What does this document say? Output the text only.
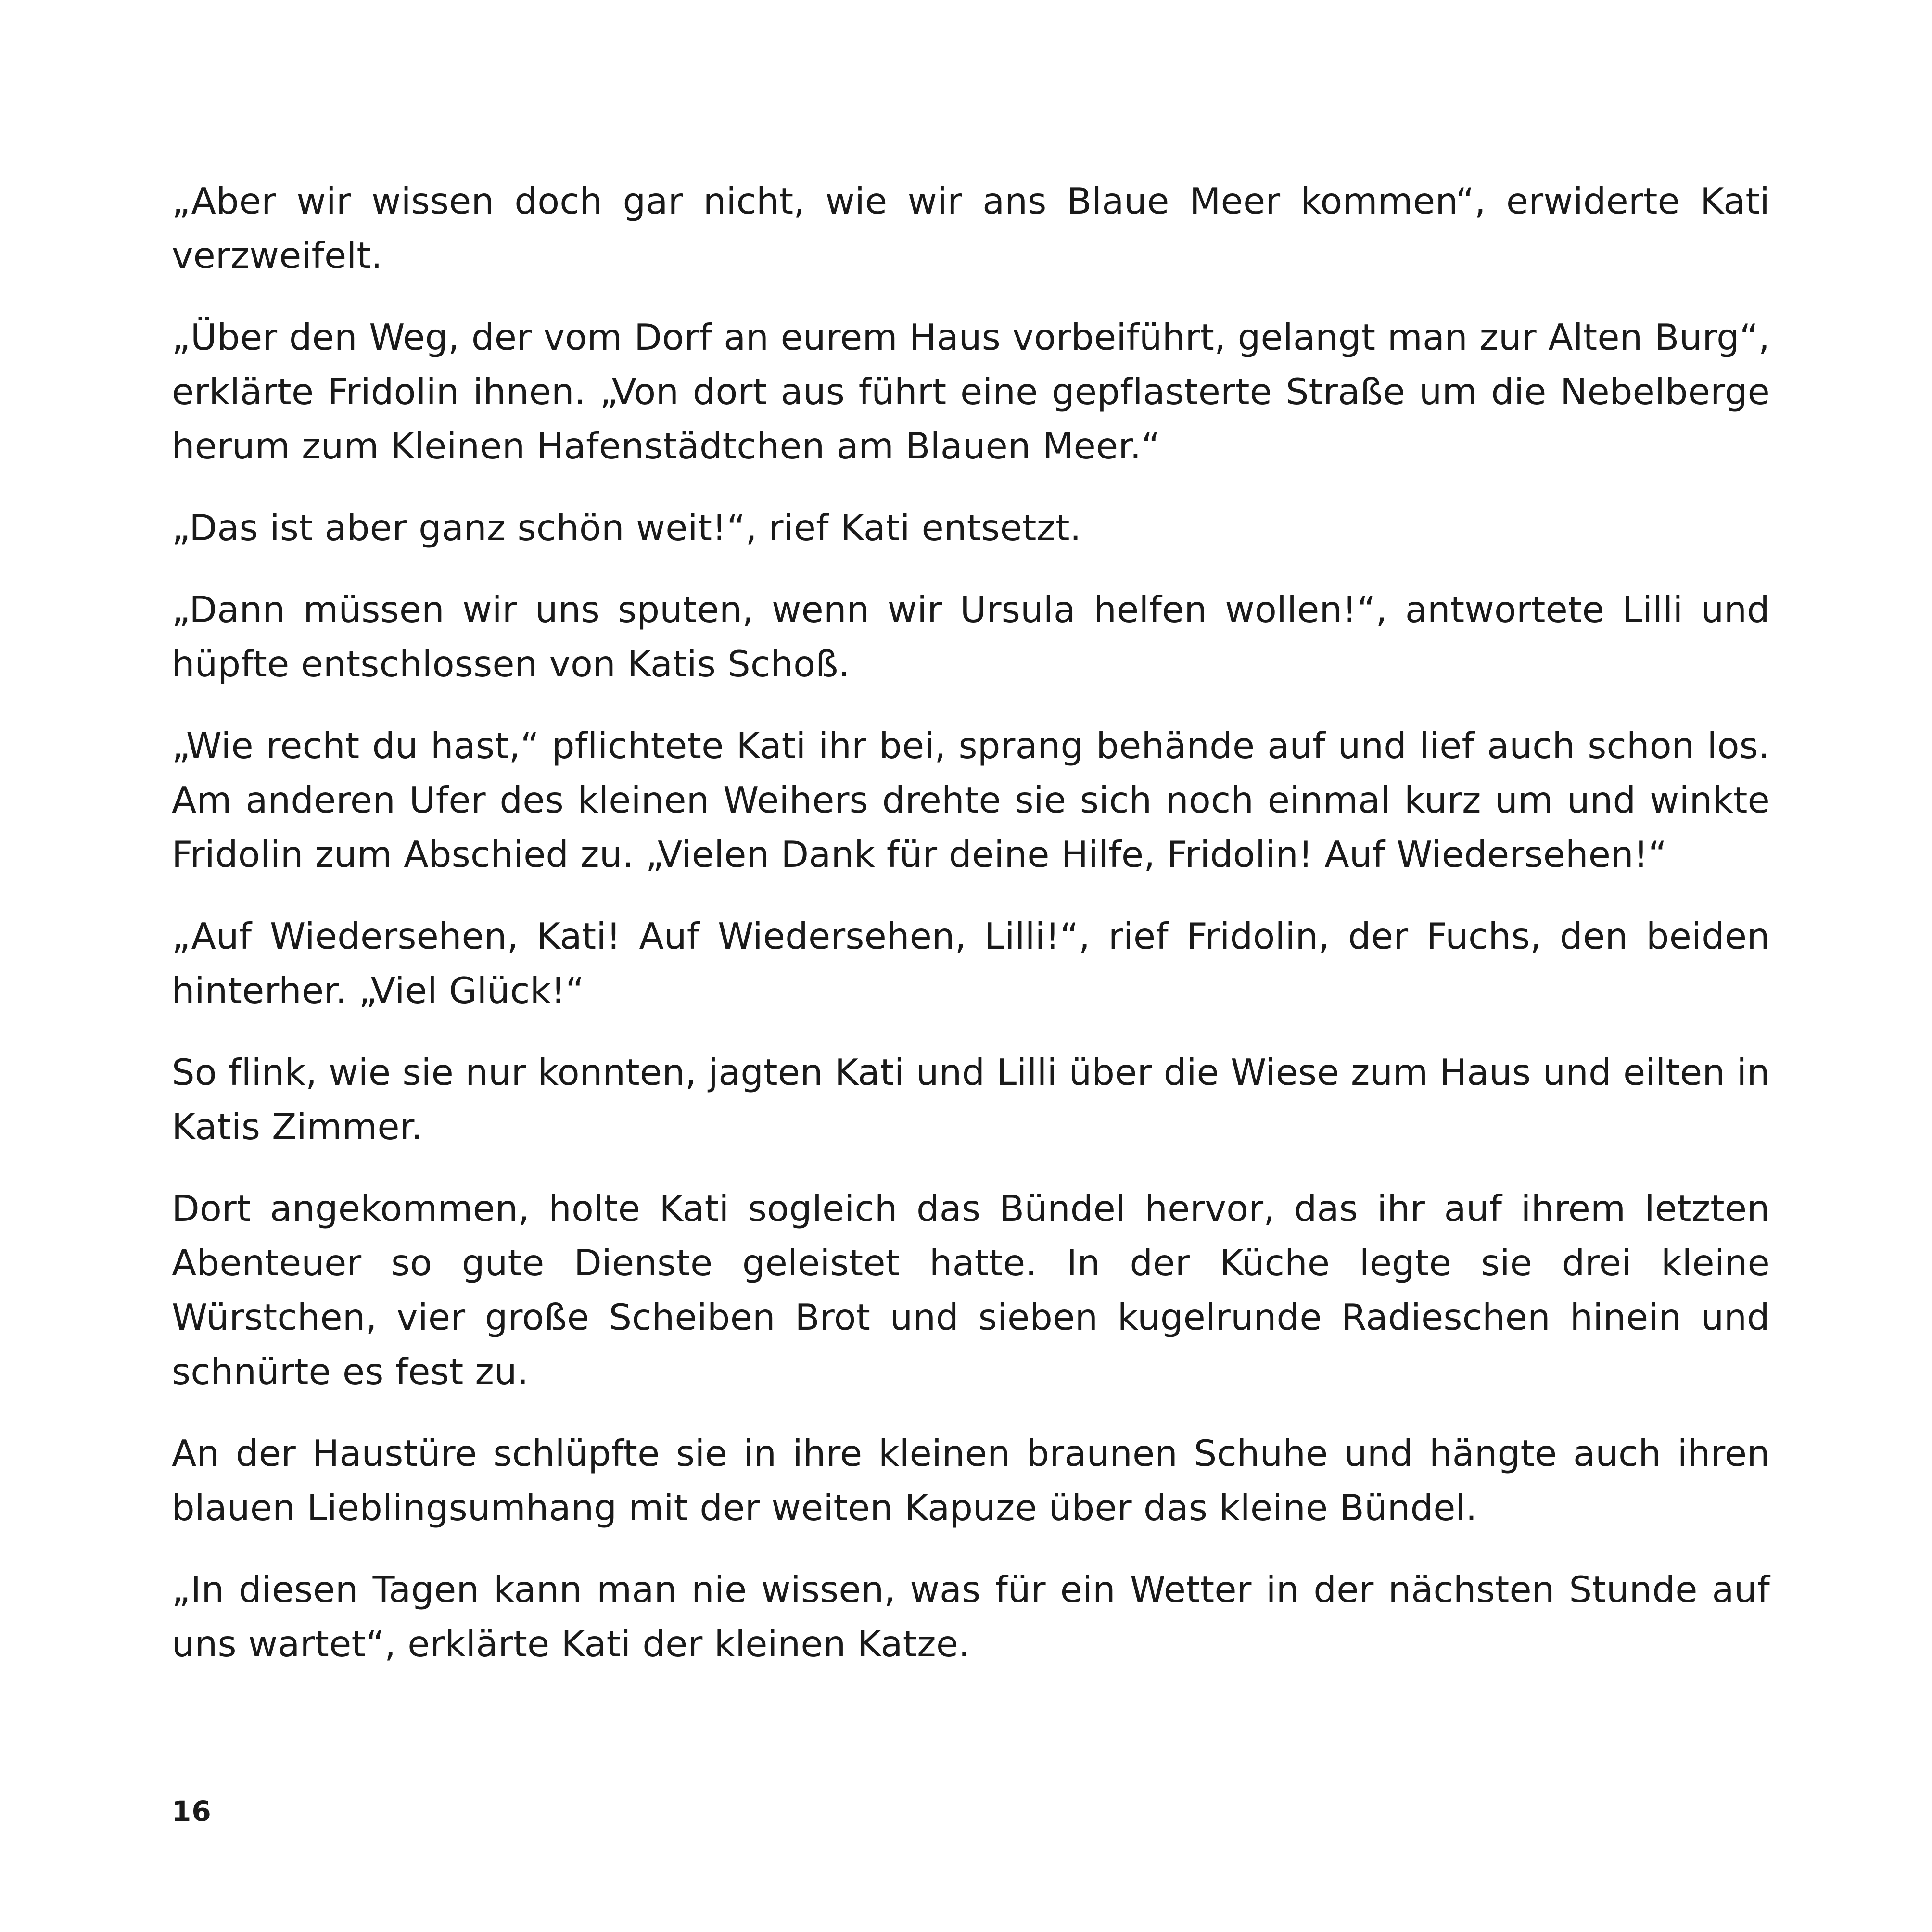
„Aber wir wissen doch gar nicht, wie wir ans Blaue Meer kommen“, erwiderte Kati verzweifelt.

„Über den Weg, der vom Dorf an eurem Haus vorbeiführt, gelangt man zur Alten Burg“, erklärte Fridolin ihnen. „Von dort aus führt eine gepflasterte Straße um die Nebelberge herum zum Kleinen Hafenstädtchen am Blauen Meer.“

„Das ist aber ganz schön weit!“, rief Kati entsetzt.

„Dann müssen wir uns sputen, wenn wir Ursula helfen wollen!“, antwortete Lilli und hüpfte entschlossen von Katis Schoß.

„Wie recht du hast,“ pflichtete Kati ihr bei, sprang behände auf und lief auch schon los. Am anderen Ufer des kleinen Weihers drehte sie sich noch einmal kurz um und winkte Fridolin zum Abschied zu. „Vielen Dank für deine Hilfe, Fridolin! Auf Wiedersehen!“

„Auf Wiedersehen, Kati! Auf Wiedersehen, Lilli!“, rief Fridolin, der Fuchs, den beiden hinterher. „Viel Glück!“

So flink, wie sie nur konnten, jagten Kati und Lilli über die Wiese zum Haus und eilten in Katis Zimmer.

Dort angekommen, holte Kati sogleich das Bündel hervor, das ihr auf ihrem letzten Abenteuer so gute Dienste geleistet hatte. In der Küche legte sie drei kleine Würstchen, vier große Scheiben Brot und sieben kugelrunde Radieschen hinein und schnürte es fest zu.

An der Haustüre schlüpfte sie in ihre kleinen braunen Schuhe und hängte auch ihren blauen Lieblingsumhang mit der weiten Kapuze über das kleine Bündel.

„In diesen Tagen kann man nie wissen, was für ein Wetter in der nächsten Stunde auf uns wartet“, erklärte Kati der kleinen Katze.

16
